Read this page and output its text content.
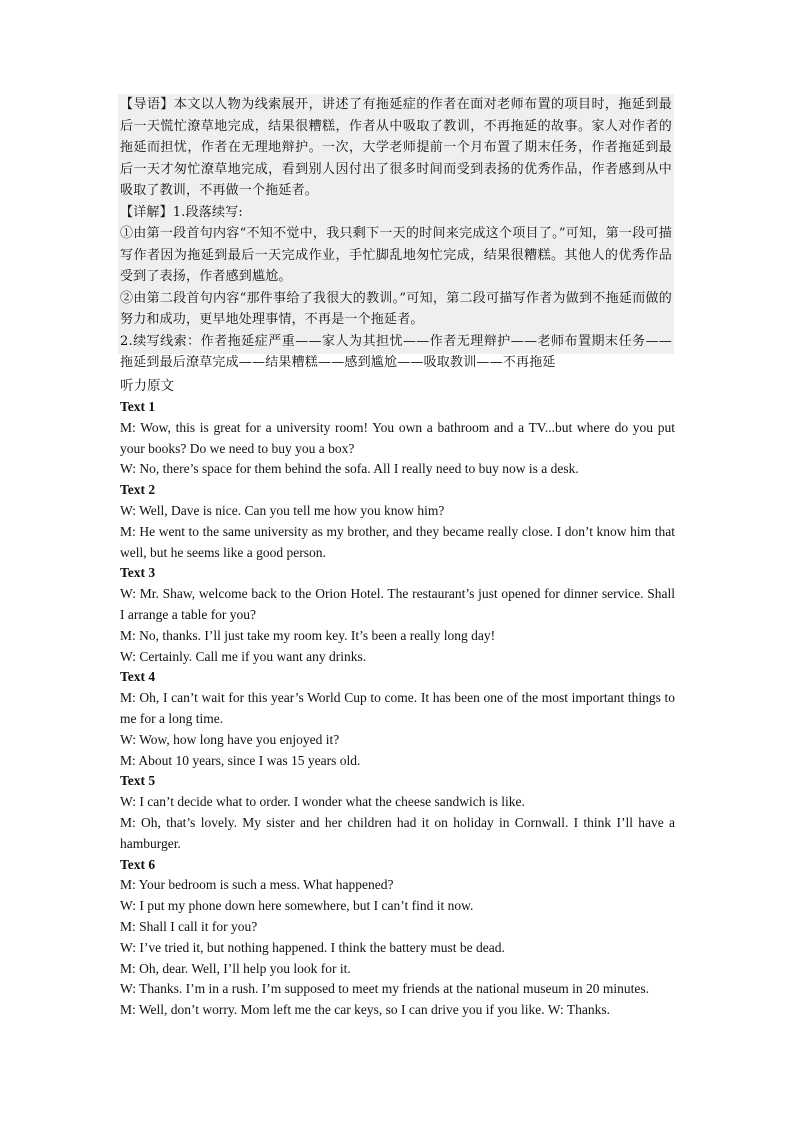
【导语】本文以人物为线索展开，讲述了有拖延症的作者在面对老师布置的项目时，拖延到最后一天慌忙潦草地完成，结果很糟糕，作者从中吸取了教训，不再拖延的故事。家人对作者的拖延而担忧，作者在无理地辩护。一次，大学老师提前一个月布置了期末任务，作者拖延到最后一天才匆忙潦草地完成，看到别人因付出了很多时间而受到表扬的优秀作品，作者感到从中吸取了教训，不再做一个拖延者。

【详解】1.段落续写:

①由第一段首句内容“不知不觉中，我只剩下一天的时间来完成这个项目了。”可知，第一段可描写作者因为拖延到最后一天完成作业，手忙脚乱地匆忙完成，结果很糟糕。其他人的优秀作品受到了表扬，作者感到尴尬。

②由第二段首句内容“那件事给了我很大的教训。”可知，第二段可描写作者为做到不拖延而做的努力和成功，更早地处理事情，不再是一个拖延者。

2.续写线索：作者拖延症严重——家人为其担忧——作者无理辩护——老师布置期末任务——拖延到最后潦草完成——结果糟糕——感到尴尬——吸取教训——不再拖延

听力原文

Text 1

M: Wow, this is great for a university room! You own a bathroom and a TV...but where do you put your books? Do we need to buy you a box?

W: No, there’s space for them behind the sofa. All I really need to buy now is a desk.

Text 2

W: Well, Dave is nice. Can you tell me how you know him?

M: He went to the same university as my brother, and they became really close. I don’t know him that well, but he seems like a good person.

Text 3

W: Mr. Shaw, welcome back to the Orion Hotel. The restaurant’s just opened for dinner service. Shall I arrange a table for you?

M: No, thanks. I’ll just take my room key. It’s been a really long day!

W: Certainly. Call me if you want any drinks.

Text 4

M: Oh, I can’t wait for this year’s World Cup to come. It has been one of the most important things to me for a long time.

W: Wow, how long have you enjoyed it?

M: About 10 years, since I was 15 years old.

Text 5

W: I can’t decide what to order. I wonder what the cheese sandwich is like.

M: Oh, that’s lovely. My sister and her children had it on holiday in Cornwall. I think I’ll have a hamburger.

Text 6

M: Your bedroom is such a mess. What happened?

W: I put my phone down here somewhere, but I can’t find it now.

M: Shall I call it for you?

W: I’ve tried it, but nothing happened. I think the battery must be dead.

M: Oh, dear. Well, I’ll help you look for it.

W: Thanks. I’m in a rush. I’m supposed to meet my friends at the national museum in 20 minutes.

M: Well, don’t worry. Mom left me the car keys, so I can drive you if you like. W: Thanks.
